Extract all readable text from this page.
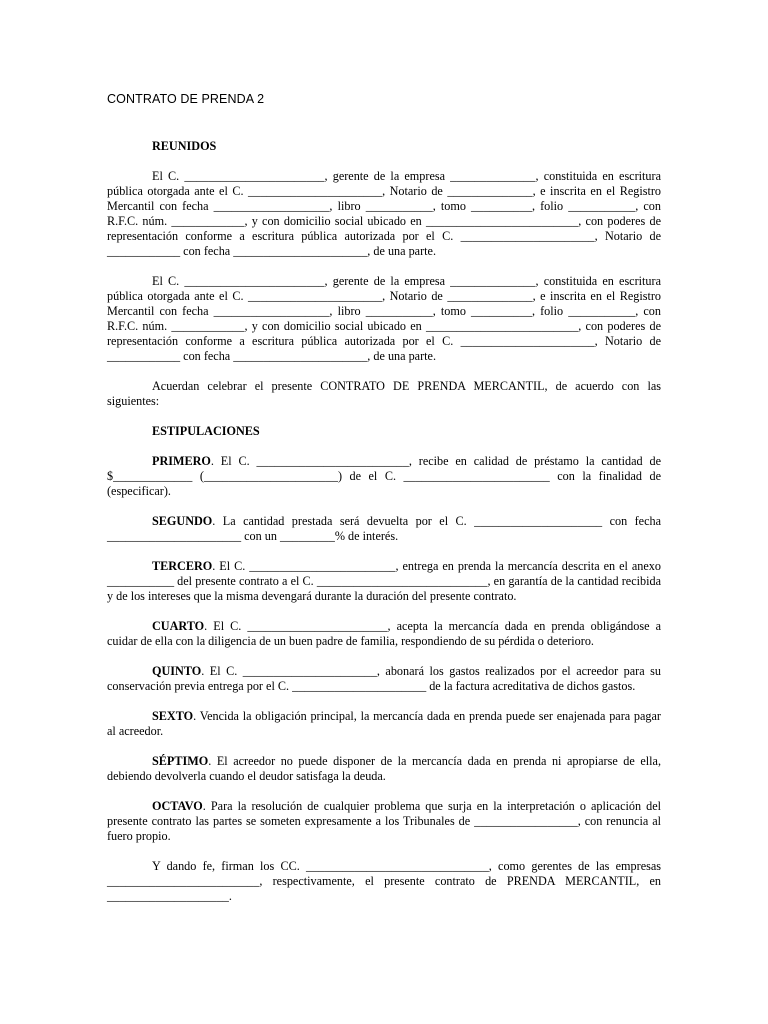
CONTRATO DE PRENDA 2
REUNIDOS

El C. _______________________, gerente de la empresa ______________, constituida en escritura pública otorgada ante el C. ______________________, Notario de ______________, e inscrita en el Registro Mercantil con fecha ___________________, libro ___________, tomo __________, folio ___________, con R.F.C. núm. ____________, y con domicilio social ubicado en _________________________, con poderes de representación conforme a escritura pública autorizada por el C. ______________________, Notario de ____________ con fecha ______________________, de una parte.

El C. _______________________, gerente de la empresa ______________, constituida en escritura pública otorgada ante el C. ______________________, Notario de ______________, e inscrita en el Registro Mercantil con fecha ___________________, libro ___________, tomo __________, folio ___________, con R.F.C. núm. ____________, y con domicilio social ubicado en _________________________, con poderes de representación conforme a escritura pública autorizada por el C. ______________________, Notario de ____________ con fecha ______________________, de una parte.

Acuerdan celebrar el presente CONTRATO DE PRENDA MERCANTIL, de acuerdo con las siguientes:

ESTIPULACIONES

PRIMERO. El C. _________________________, recibe en calidad de préstamo la cantidad de $_____________ (______________________) de el C. ________________________ con la finalidad de (especificar).

SEGUNDO. La cantidad prestada será devuelta por el C. _____________________ con fecha ______________________ con un _________% de interés.

TERCERO. El C. ________________________, entrega en prenda la mercancía descrita en el anexo ___________ del presente contrato a el C. ____________________________, en garantía de la cantidad recibida y de los intereses que la misma devengará durante la duración del presente contrato.

CUARTO. El C. _______________________, acepta la mercancía dada en prenda obligándose a cuidar de ella con la diligencia de un buen padre de familia, respondiendo de su pérdida o deterioro.

QUINTO. El C. ______________________, abonará los gastos realizados por el acreedor para su conservación previa entrega por el C. ______________________ de la factura acreditativa de dichos gastos.

SEXTO. Vencida la obligación principal, la mercancía dada en prenda puede ser enajenada para pagar al acreedor.

SÉPTIMO. El acreedor no puede disponer de la mercancía dada en prenda ni apropiarse de ella, debiendo devolverla cuando el deudor satisfaga la deuda.

OCTAVO. Para la resolución de cualquier problema que surja en la interpretación o aplicación del presente contrato las partes se someten expresamente a los Tribunales de _________________, con renuncia al fuero propio.

Y dando fe, firman los CC. ______________________________, como gerentes de las empresas _________________________, respectivamente, el presente contrato de PRENDA MERCANTIL, en ____________________.
